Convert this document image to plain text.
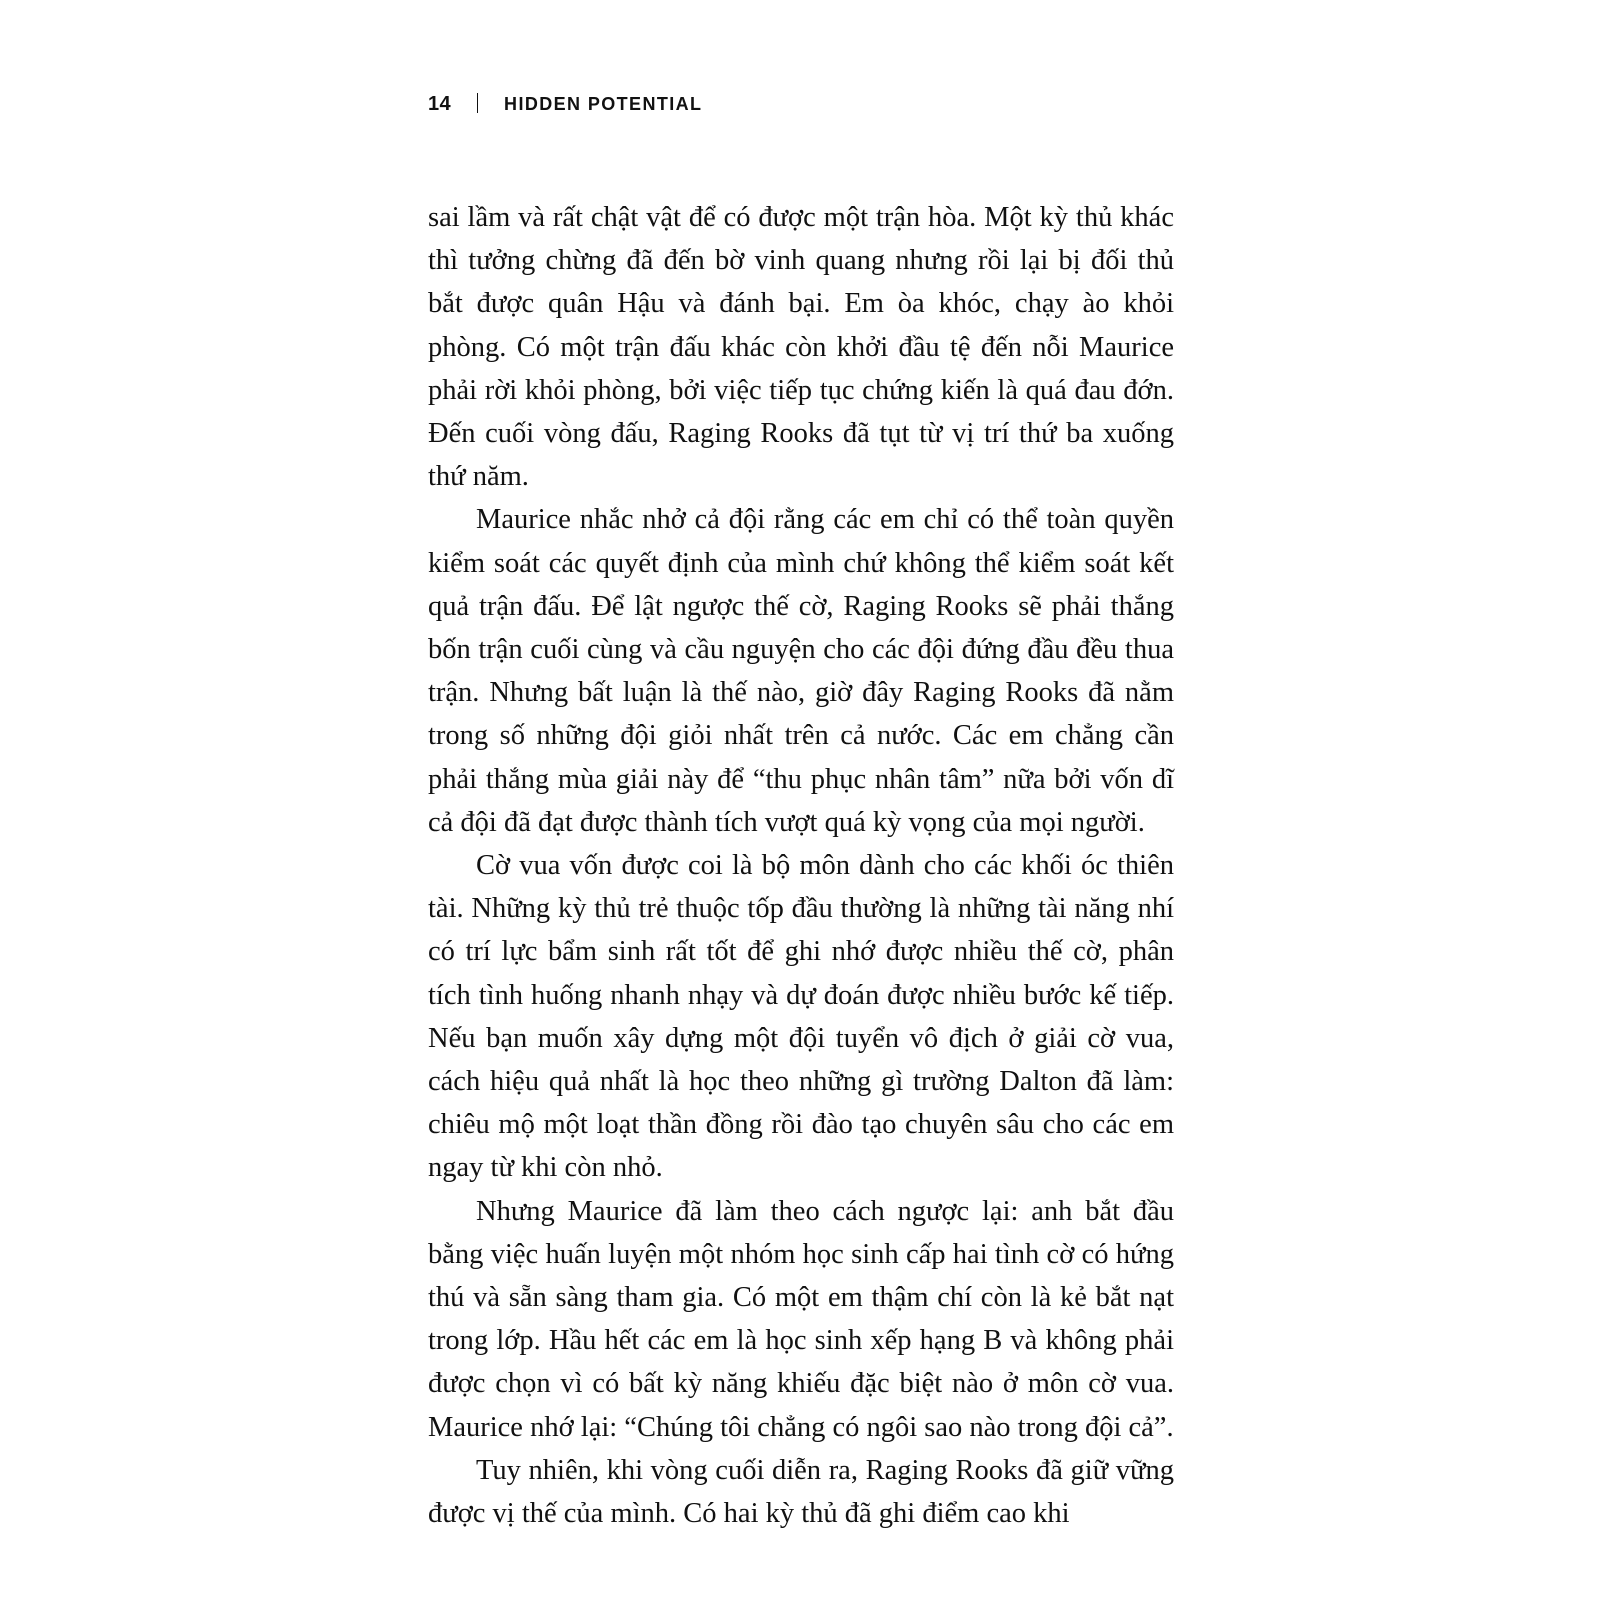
14	HIDDEN POTENTIAL

sai lầm và rất chật vật để có được một trận hòa. Một kỳ thủ khác thì tưởng chừng đã đến bờ vinh quang nhưng rồi lại bị đối thủ bắt được quân Hậu và đánh bại. Em òa khóc, chạy ào khỏi phòng. Có một trận đấu khác còn khởi đầu tệ đến nỗi Maurice phải rời khỏi phòng, bởi việc tiếp tục chứng kiến là quá đau đớn. Đến cuối vòng đấu, Raging Rooks đã tụt từ vị trí thứ ba xuống thứ năm.

Maurice nhắc nhở cả đội rằng các em chỉ có thể toàn quyền kiểm soát các quyết định của mình chứ không thể kiểm soát kết quả trận đấu. Để lật ngược thế cờ, Raging Rooks sẽ phải thắng bốn trận cuối cùng và cầu nguyện cho các đội đứng đầu đều thua trận. Nhưng bất luận là thế nào, giờ đây Raging Rooks đã nằm trong số những đội giỏi nhất trên cả nước. Các em chẳng cần phải thắng mùa giải này để “thu phục nhân tâm” nữa bởi vốn dĩ cả đội đã đạt được thành tích vượt quá kỳ vọng của mọi người.

Cờ vua vốn được coi là bộ môn dành cho các khối óc thiên tài. Những kỳ thủ trẻ thuộc tốp đầu thường là những tài năng nhí có trí lực bẩm sinh rất tốt để ghi nhớ được nhiều thế cờ, phân tích tình huống nhanh nhạy và dự đoán được nhiều bước kế tiếp. Nếu bạn muốn xây dựng một đội tuyển vô địch ở giải cờ vua, cách hiệu quả nhất là học theo những gì trường Dalton đã làm: chiêu mộ một loạt thần đồng rồi đào tạo chuyên sâu cho các em ngay từ khi còn nhỏ.

Nhưng Maurice đã làm theo cách ngược lại: anh bắt đầu bằng việc huấn luyện một nhóm học sinh cấp hai tình cờ có hứng thú và sẵn sàng tham gia. Có một em thậm chí còn là kẻ bắt nạt trong lớp. Hầu hết các em là học sinh xếp hạng B và không phải được chọn vì có bất kỳ năng khiếu đặc biệt nào ở môn cờ vua. Maurice nhớ lại: “Chúng tôi chẳng có ngôi sao nào trong đội cả”.

Tuy nhiên, khi vòng cuối diễn ra, Raging Rooks đã giữ vững được vị thế của mình. Có hai kỳ thủ đã ghi điểm cao khi
